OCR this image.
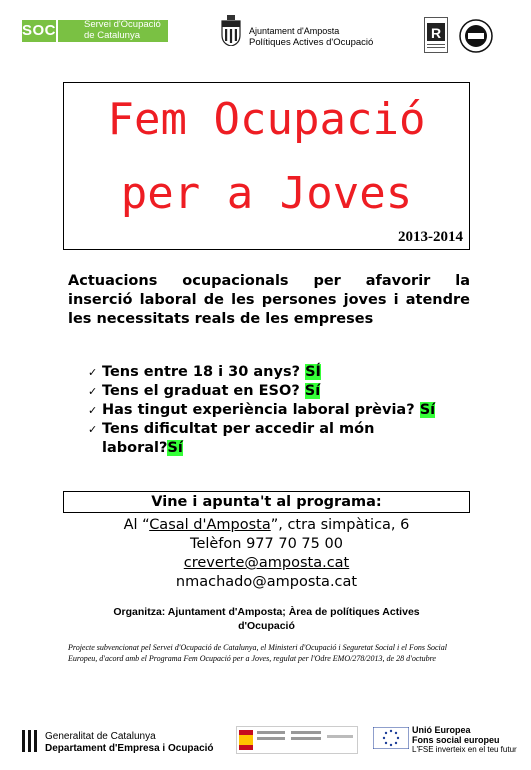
SOC	Servei d'Ocupació
de Catalunya	Ajuntament d'Amposta
Polítiques Actives d'Ocupació
R
Fem Ocupació
per a Joves
2013-2014
Actuacions ocupacionals per afavorir la
inserció laboral de les persones joves i atendre
les necessitats reals de les empreses
✓ Tens entre 18 i 30 anys? SÍ
✓ Tens el graduat en ESO? Sí
✓ Has tingut experiència laboral prèvia? Sí
✓ Tens dificultat per accedir al món
laboral?Sí
Vine i apunta't al programa:
Al “Casal d'Amposta”, ctra simpàtica, 6
Telèfon 977 70 75 00
creverte@amposta.cat
nmachado@amposta.cat
Organitza: Ajuntament d'Amposta; Àrea de polítiques Actives
d'Ocupació
Projecte subvencionat pel Servei d'Ocupació de Catalunya, el Ministeri d'Ocupació i Seguretat Social i el Fons Social Europeu, d'acord amb el Programa Fem Ocupació per a Joves, regulat per l'Odre EMO/278/2013, de 28 d'octubre
Generalitat de Catalunya
Departament d'Empresa i Ocupació
Unió Europea
Fons social europeu
L'FSE inverteix en el teu futur
